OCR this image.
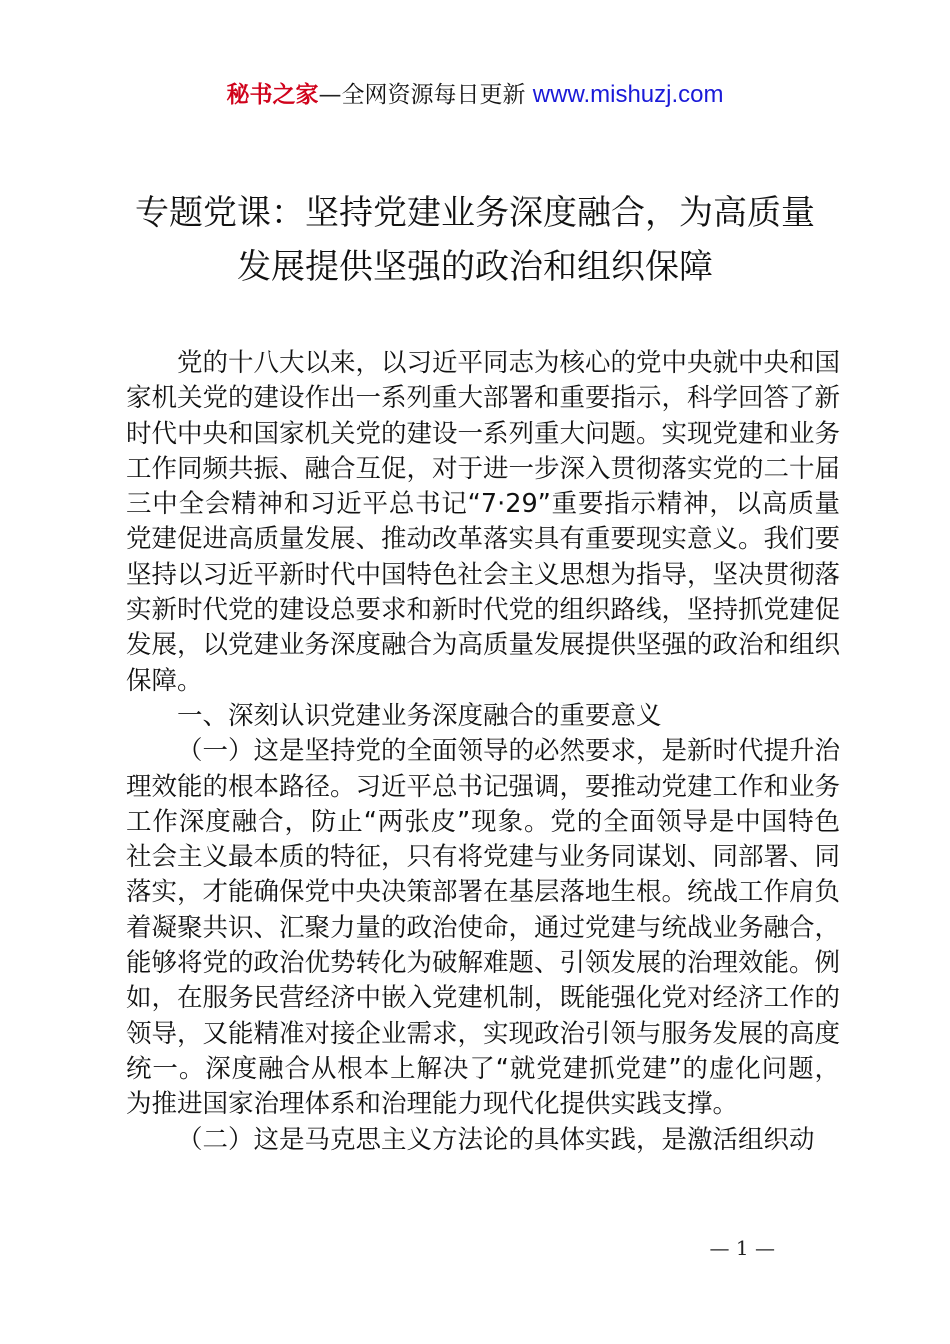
秘书之家—全网资源每日更新 www.mishuzj.com
专题党课：坚持党建业务深度融合，为高质量
发展提供坚强的政治和组织保障

党的十八大以来，以习近平同志为核心的党中央就中央和国家机关党的建设作出一系列重大部署和重要指示，科学回答了新时代中央和国家机关党的建设一系列重大问题。实现党建和业务工作同频共振、融合互促，对于进一步深入贯彻落实党的二十届三中全会精神和习近平总书记“7·29”重要指示精神，以高质量党建促进高质量发展、推动改革落实具有重要现实意义。我们要坚持以习近平新时代中国特色社会主义思想为指导，坚决贯彻落实新时代党的建设总要求和新时代党的组织路线，坚持抓党建促发展，以党建业务深度融合为高质量发展提供坚强的政治和组织保障。

一、深刻认识党建业务深度融合的重要意义

（一）这是坚持党的全面领导的必然要求，是新时代提升治理效能的根本路径。习近平总书记强调，要推动党建工作和业务工作深度融合，防止“两张皮”现象。党的全面领导是中国特色社会主义最本质的特征，只有将党建与业务同谋划、同部署、同落实，才能确保党中央决策部署在基层落地生根。统战工作肩负着凝聚共识、汇聚力量的政治使命，通过党建与统战业务融合，能够将党的政治优势转化为破解难题、引领发展的治理效能。例如，在服务民营经济中嵌入党建机制，既能强化党对经济工作的领导，又能精准对接企业需求，实现政治引领与服务发展的高度统一。深度融合从根本上解决了“就党建抓党建”的虚化问题，为推进国家治理体系和治理能力现代化提供实践支撑。

（二）这是马克思主义方法论的具体实践，是激活组织动

— 1 —
